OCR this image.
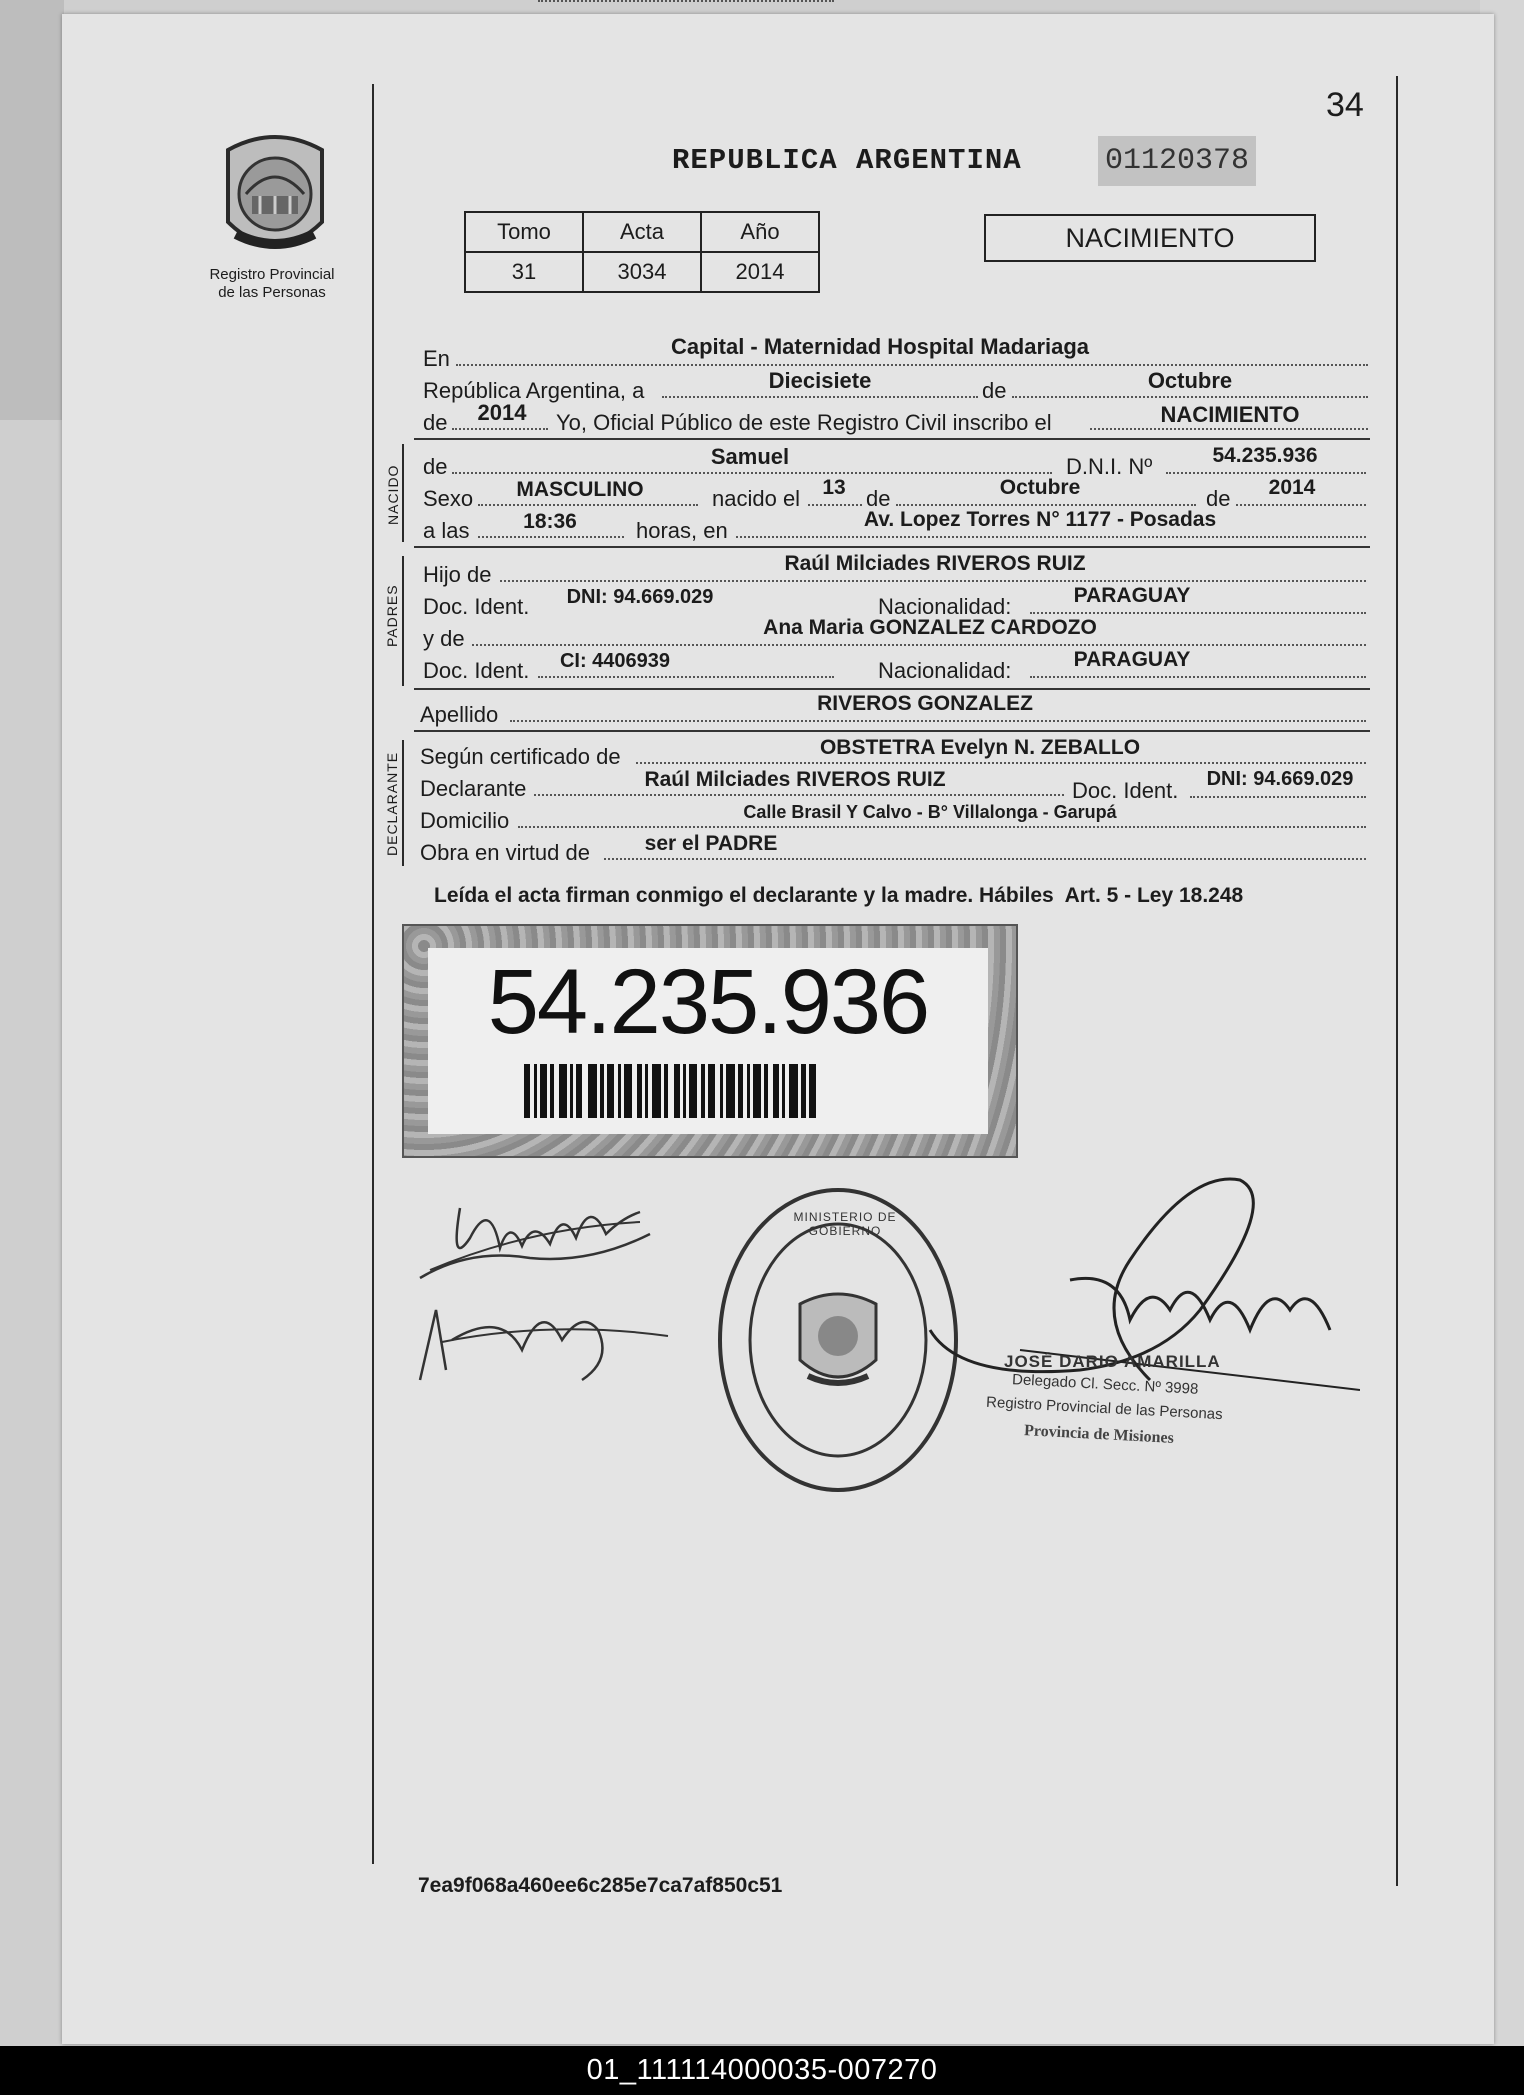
34
Registro Provincial
de las Personas
REPUBLICA ARGENTINA	01120378
Tomo	Acta	Año
31	3034	2014
NACIMIENTO
NACIDO
PADRES
DECLARANTE
En	Capital - Maternidad Hospital Madariaga
República Argentina, a	Diecisiete	de	Octubre
de	2014	Yo, Oficial Público de este Registro Civil inscribo el	NACIMIENTO
de	Samuel	D.N.I. Nº	54.235.936
Sexo	MASCULINO	nacido el	13 de	Octubre	de	2014
a las	18:36	horas, en	Av. Lopez Torres N° 1177 - Posadas
Hijo de	Raúl Milciades RIVEROS RUIZ
Doc. Ident.	DNI: 94.669.029	Nacionalidad:	PARAGUAY
y de	Ana Maria GONZALEZ CARDOZO
Doc. Ident.	CI: 4406939	Nacionalidad:	PARAGUAY
Apellido	RIVEROS GONZALEZ
Según certificado de	OBSTETRA Evelyn N. ZEBALLO
Declarante	Raúl Milciades RIVEROS RUIZ	Doc. Ident.	DNI: 94.669.029
Domicilio	Calle Brasil Y Calvo - B° Villalonga - Garupá
Obra en virtud de	ser el PADRE
Leída el acta firman conmigo el declarante y la madre. Hábiles  Art. 5 - Ley 18.248
54.235.936
MINISTERIO DE GOBIERNO
JOSÉ DARIO AMARILLA
Delegado Cl. Secc. Nº 3998
Registro Provincial de las Personas
Provincia de Misiones
7ea9f068a460ee6c285e7ca7af850c51
01_111114000035-007270
